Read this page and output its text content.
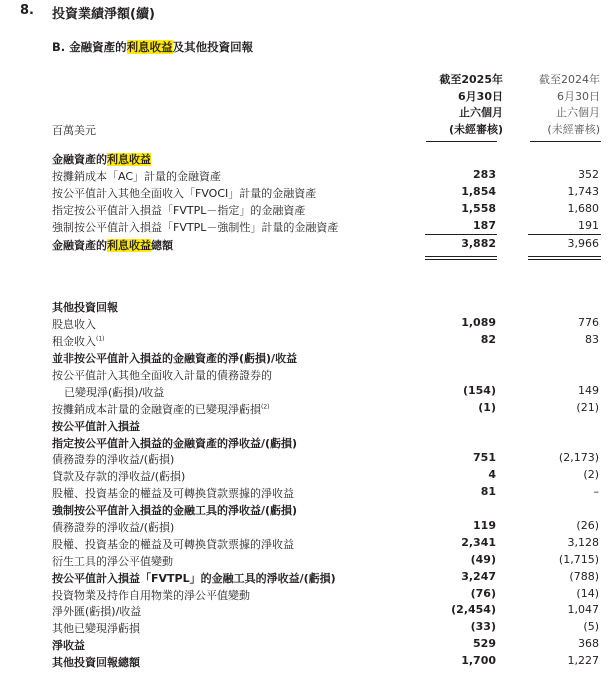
8. 投資業績淨額(續)
B. 金融資產的利息收益及其他投資回報
截至2025年
6月30日
止六個月
(未經審核)
截至2024年
6月30日
止六個月
(未經審核)
百萬美元
金融資產的利息收益
按攤銷成本「AC」計量的金融資產	283	352
按公平值計入其他全面收入「FVOCI」計量的金融資產	1,854	1,743
指定按公平值計入損益「FVTPL－指定」的金融資產	1,558	1,680
強制按公平值計入損益「FVTPL－強制性」計量的金融資產	187	191
金融資產的利息收益總額	3,882	3,966
其他投資回報
股息收入	1,089	776
租金收入$^{(1)}$	82	83
並非按公平值計入損益的金融資產的淨(虧損)/收益
按公平值計入其他全面收入計量的債務證券的
已變現淨(虧損)/收益	(154)	149
按攤銷成本計量的金融資產的已變現淨虧損$^{(2)}$	(1)	(21)
按公平值計入損益
指定按公平值計入損益的金融資產的淨收益/(虧損)
債務證券的淨收益/(虧損)	751	(2,173)
貸款及存款的淨收益/(虧損)	4	(2)
股權、投資基金的權益及可轉換貸款票據的淨收益	81	–
強制按公平值計入損益的金融工具的淨收益/(虧損)
債務證券的淨收益/(虧損)	119	(26)
股權、投資基金的權益及可轉換貸款票據的淨收益	2,341	3,128
衍生工具的淨公平值變動	(49)	(1,715)
按公平值計入損益「FVTPL」的金融工具的淨收益/(虧損)	3,247	(788)
投資物業及持作自用物業的淨公平值變動	(76)	(14)
淨外匯(虧損)/收益	(2,454)	1,047
其他已變現淨虧損	(33)	(5)
淨收益	529	368
其他投資回報總額	1,700	1,227
